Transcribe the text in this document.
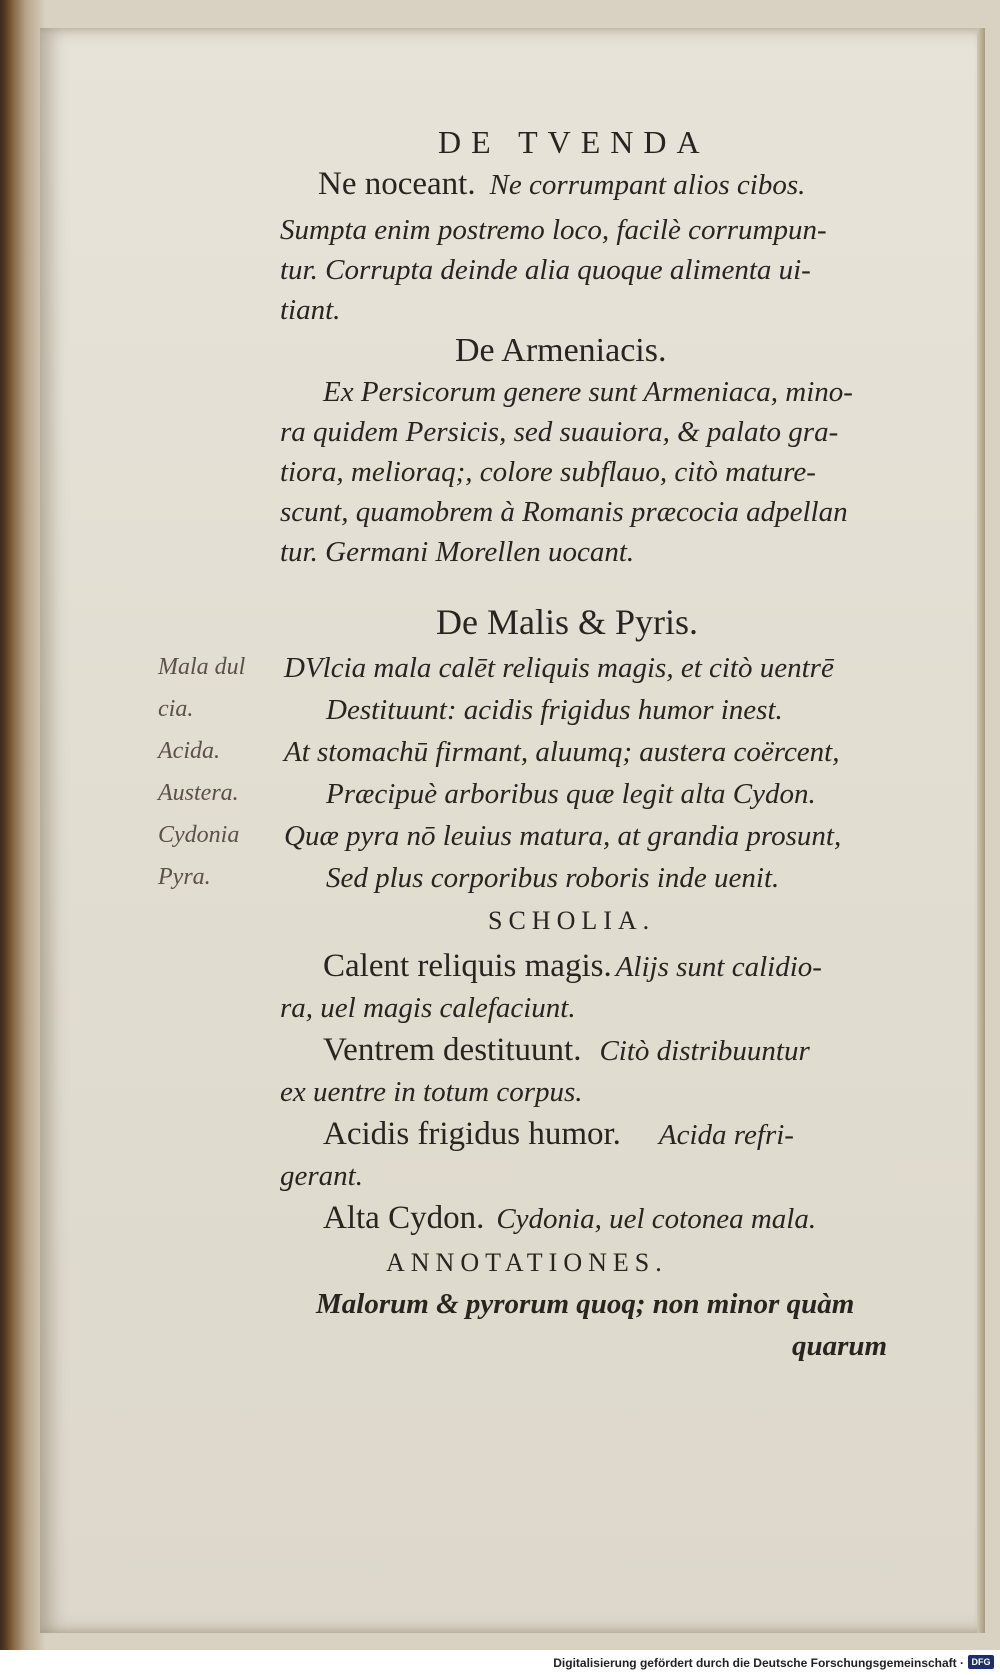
DE TVENDA
Ne noceant. Ne corrumpant alios cibos.
Sumpta enim postremo loco, facilè corrumpun-
tur. Corrupta deinde alia quoque alimenta ui-
tiant.
De Armeniacis.
Ex Persicorum genere sunt Armeniaca, mino-
ra quidem Persicis, sed suauiora, & palato gra-
tiora, melioraq;, colore subflauo, citò mature-
scunt, quamobrem à Romanis præcocia adpellan
tur. Germani Morellen uocant.
De Malis & Pyris.
Mala dul
cia.
Acida.
Austera.
Cydonia
Pyra.
DVlcia mala calēt reliquis magis, et citò uentrē
Destituunt: acidis frigidus humor inest.
At stomachū firmant, aluumq; austera coërcent,
Præcipuè arboribus quæ legit alta Cydon.
Quæ pyra nō leuius matura, at grandia prosunt,
Sed plus corporibus roboris inde uenit.
SCHOLIA.
Calent reliquis magis. Alijs sunt calidio-
ra, uel magis calefaciunt.
Ventrem destituunt. Citò distribuuntur
ex uentre in totum corpus.
Acidis frigidus humor. Acida refri-
gerant.
Alta Cydon. Cydonia, uel cotonea mala.
ANNOTATIONES.
Malorum & pyrorum quoq; non minor quàm
quarum
Digitalisierung gefördert durch die Deutsche Forschungsgemeinschaft · DFG
